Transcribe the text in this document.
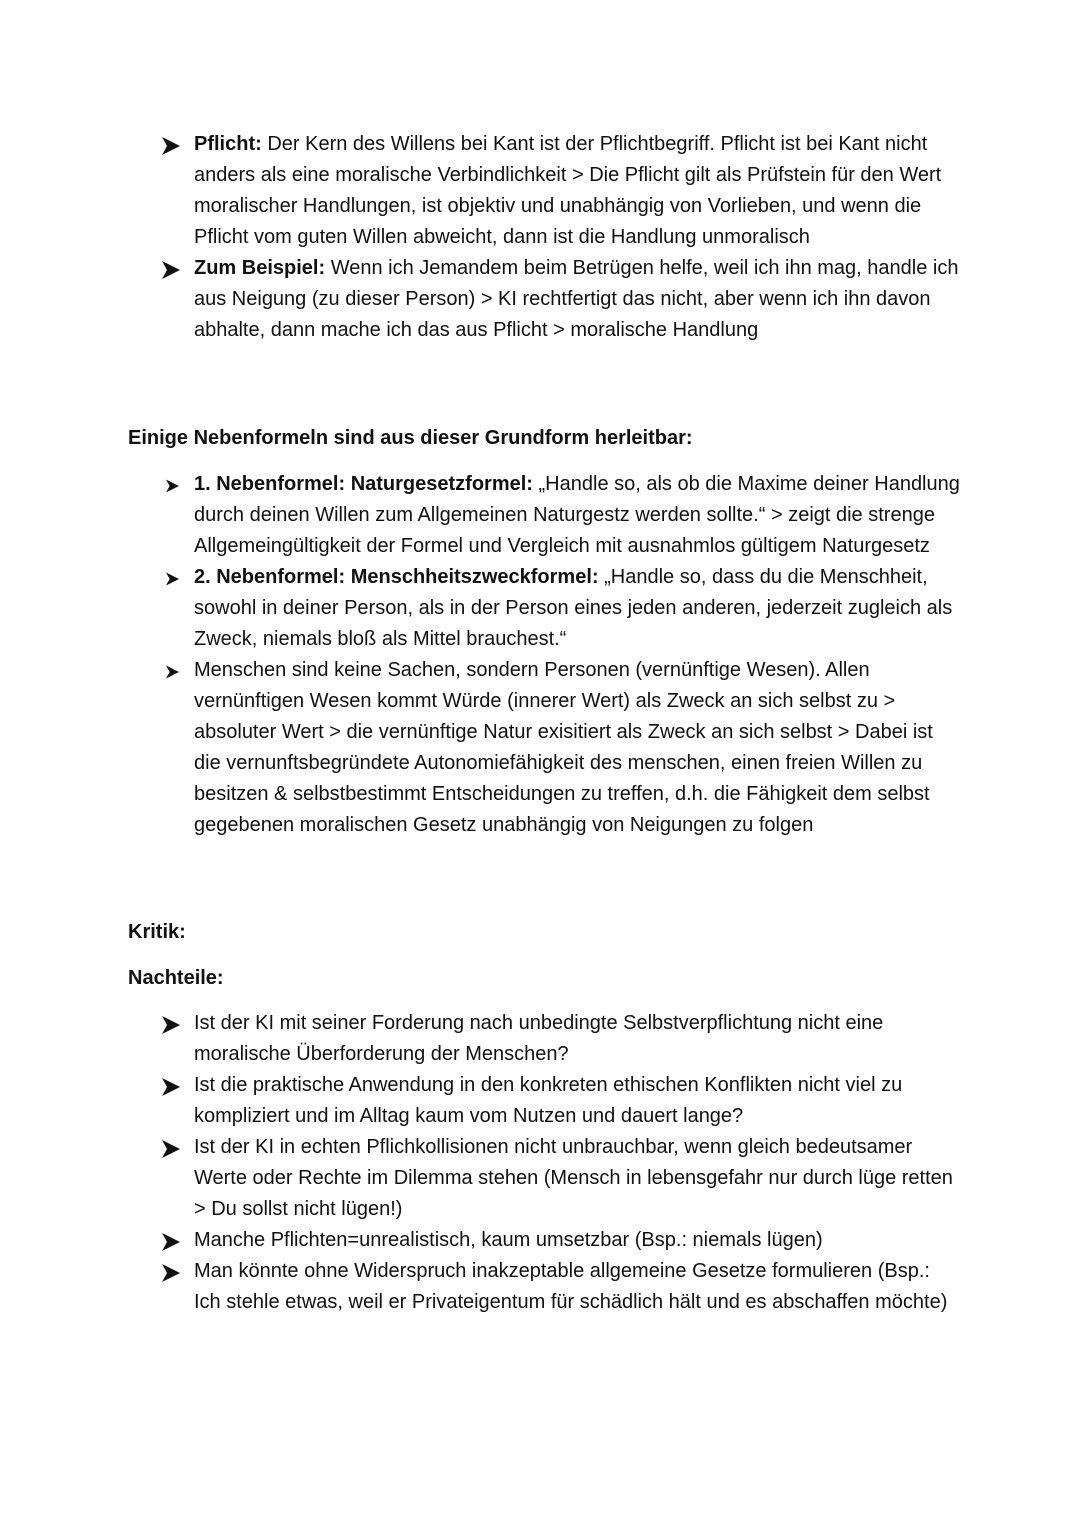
Pflicht: Der Kern des Willens bei Kant ist der Pflichtbegriff. Pflicht ist bei Kant nicht anders als eine moralische Verbindlichkeit > Die Pflicht gilt als Prüfstein für den Wert moralischer Handlungen, ist objektiv und unabhängig von Vorlieben, und wenn die Pflicht vom guten Willen abweicht, dann ist die Handlung unmoralisch
Zum Beispiel: Wenn ich Jemandem beim Betrügen helfe, weil ich ihn mag, handle ich aus Neigung (zu dieser Person) > KI rechtfertigt das nicht, aber wenn ich ihn davon abhalte, dann mache ich das aus Pflicht > moralische Handlung

Einige Nebenformeln sind aus dieser Grundform herleitbar:

1. Nebenformel: Naturgesetzformel: „Handle so, als ob die Maxime deiner Handlung durch deinen Willen zum Allgemeinen Naturgestz werden sollte.“ > zeigt die strenge Allgemeingültigkeit der Formel und Vergleich mit ausnahmlos gültigem Naturgesetz
2. Nebenformel: Menschheitszweckformel: „Handle so, dass du die Menschheit, sowohl in deiner Person, als in der Person eines jeden anderen, jederzeit zugleich als Zweck, niemals bloß als Mittel brauchest.“
Menschen sind keine Sachen, sondern Personen (vernünftige Wesen). Allen vernünftigen Wesen kommt Würde (innerer Wert) als Zweck an sich selbst zu > absoluter Wert > die vernünftige Natur exisitiert als Zweck an sich selbst > Dabei ist die vernunftsbegründete Autonomiefähigkeit des menschen, einen freien Willen zu besitzen & selbstbestimmt Entscheidungen zu treffen, d.h. die Fähigkeit dem selbst gegebenen moralischen Gesetz unabhängig von Neigungen zu folgen

Kritik:

Nachteile:

Ist der KI mit seiner Forderung nach unbedingte Selbstverpflichtung nicht eine moralische Überforderung der Menschen?
Ist die praktische Anwendung in den konkreten ethischen Konflikten nicht viel zu kompliziert und im Alltag kaum vom Nutzen und dauert lange?
Ist der KI in echten Pflichkollisionen nicht unbrauchbar, wenn gleich bedeutsamer Werte oder Rechte im Dilemma stehen (Mensch in lebensgefahr nur durch lüge retten > Du sollst nicht lügen!)
Manche Pflichten=unrealistisch, kaum umsetzbar (Bsp.: niemals lügen)
Man könnte ohne Widerspruch inakzeptable allgemeine Gesetze formulieren (Bsp.: Ich stehle etwas, weil er Privateigentum für schädlich hält und es abschaffen möchte)
